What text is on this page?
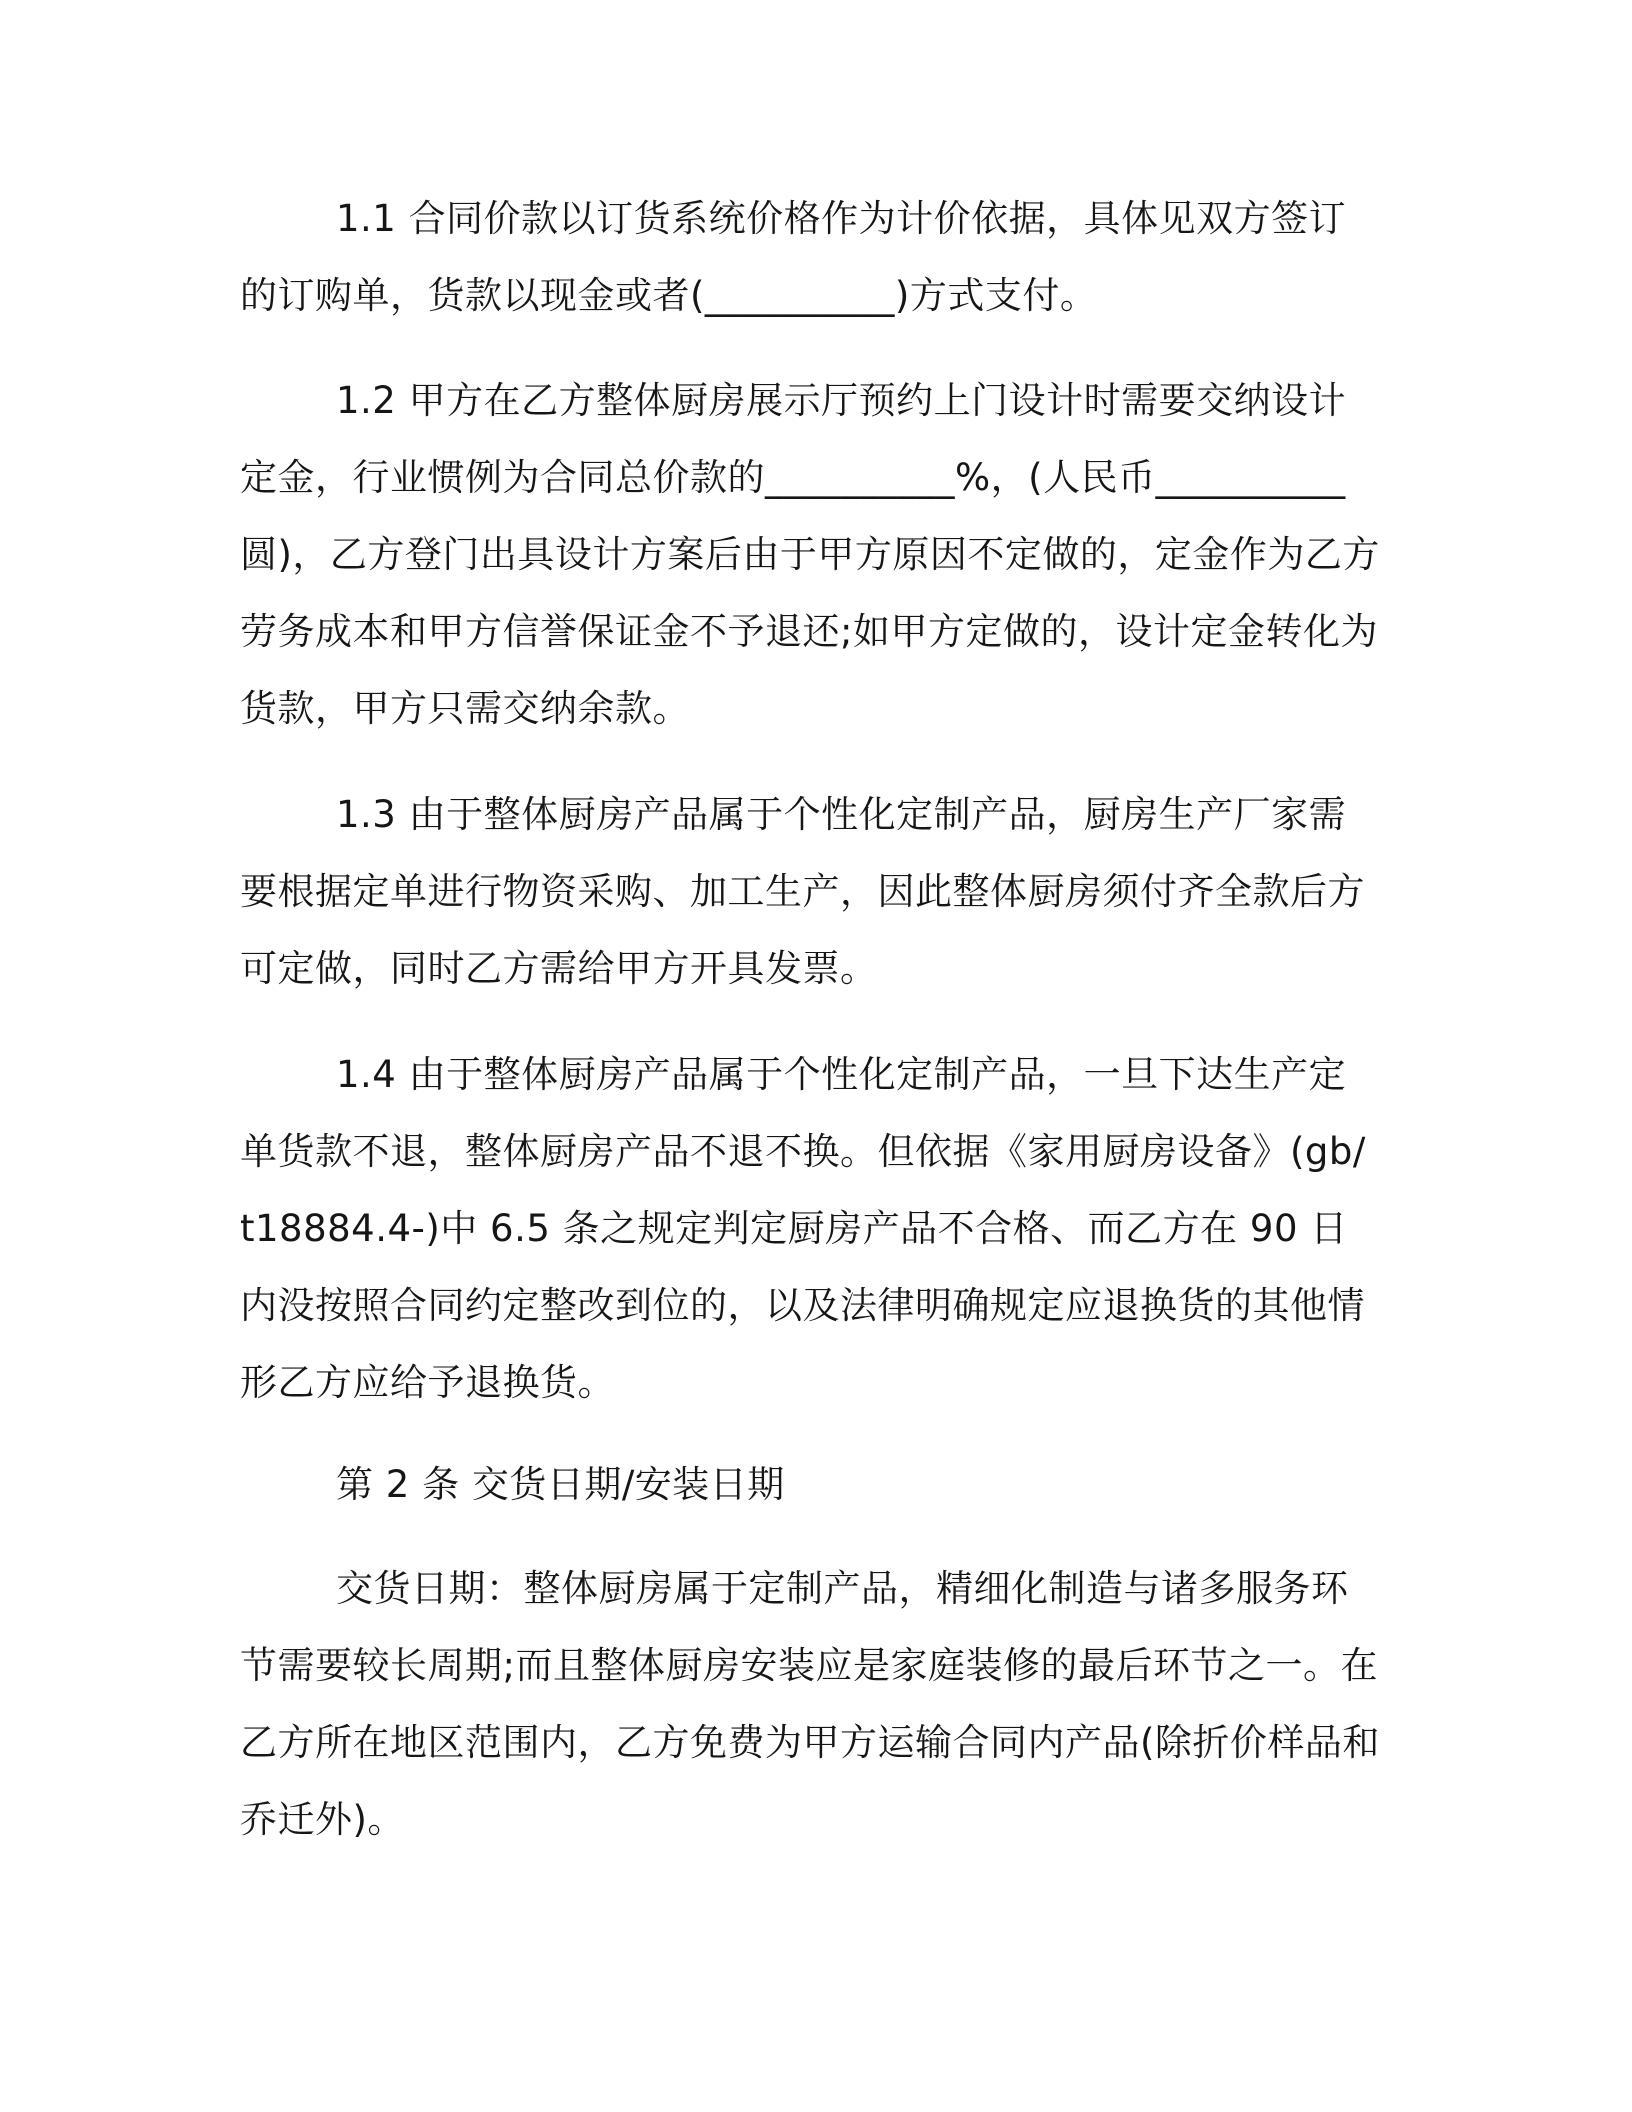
1.1 合同价款以订货系统价格作为计价依据，具体见双方签订的订购单，货款以现金或者(__________)方式支付。

1.2 甲方在乙方整体厨房展示厅预约上门设计时需要交纳设计定金，行业惯例为合同总价款的__________%，(人民币__________圆)，乙方登门出具设计方案后由于甲方原因不定做的，定金作为乙方劳务成本和甲方信誉保证金不予退还;如甲方定做的，设计定金转化为货款，甲方只需交纳余款。

1.3 由于整体厨房产品属于个性化定制产品，厨房生产厂家需要根据定单进行物资采购、加工生产，因此整体厨房须付齐全款后方可定做，同时乙方需给甲方开具发票。

1.4 由于整体厨房产品属于个性化定制产品，一旦下达生产定单货款不退，整体厨房产品不退不换。但依据《家用厨房设备》(gb/t18884.4-)中 6.5 条之规定判定厨房产品不合格、而乙方在 90 日内没按照合同约定整改到位的，以及法律明确规定应退换货的其他情形乙方应给予退换货。

第 2 条 交货日期/安装日期

交货日期：整体厨房属于定制产品，精细化制造与诸多服务环节需要较长周期;而且整体厨房安装应是家庭装修的最后环节之一。在乙方所在地区范围内，乙方免费为甲方运输合同内产品(除折价样品和乔迁外)。
